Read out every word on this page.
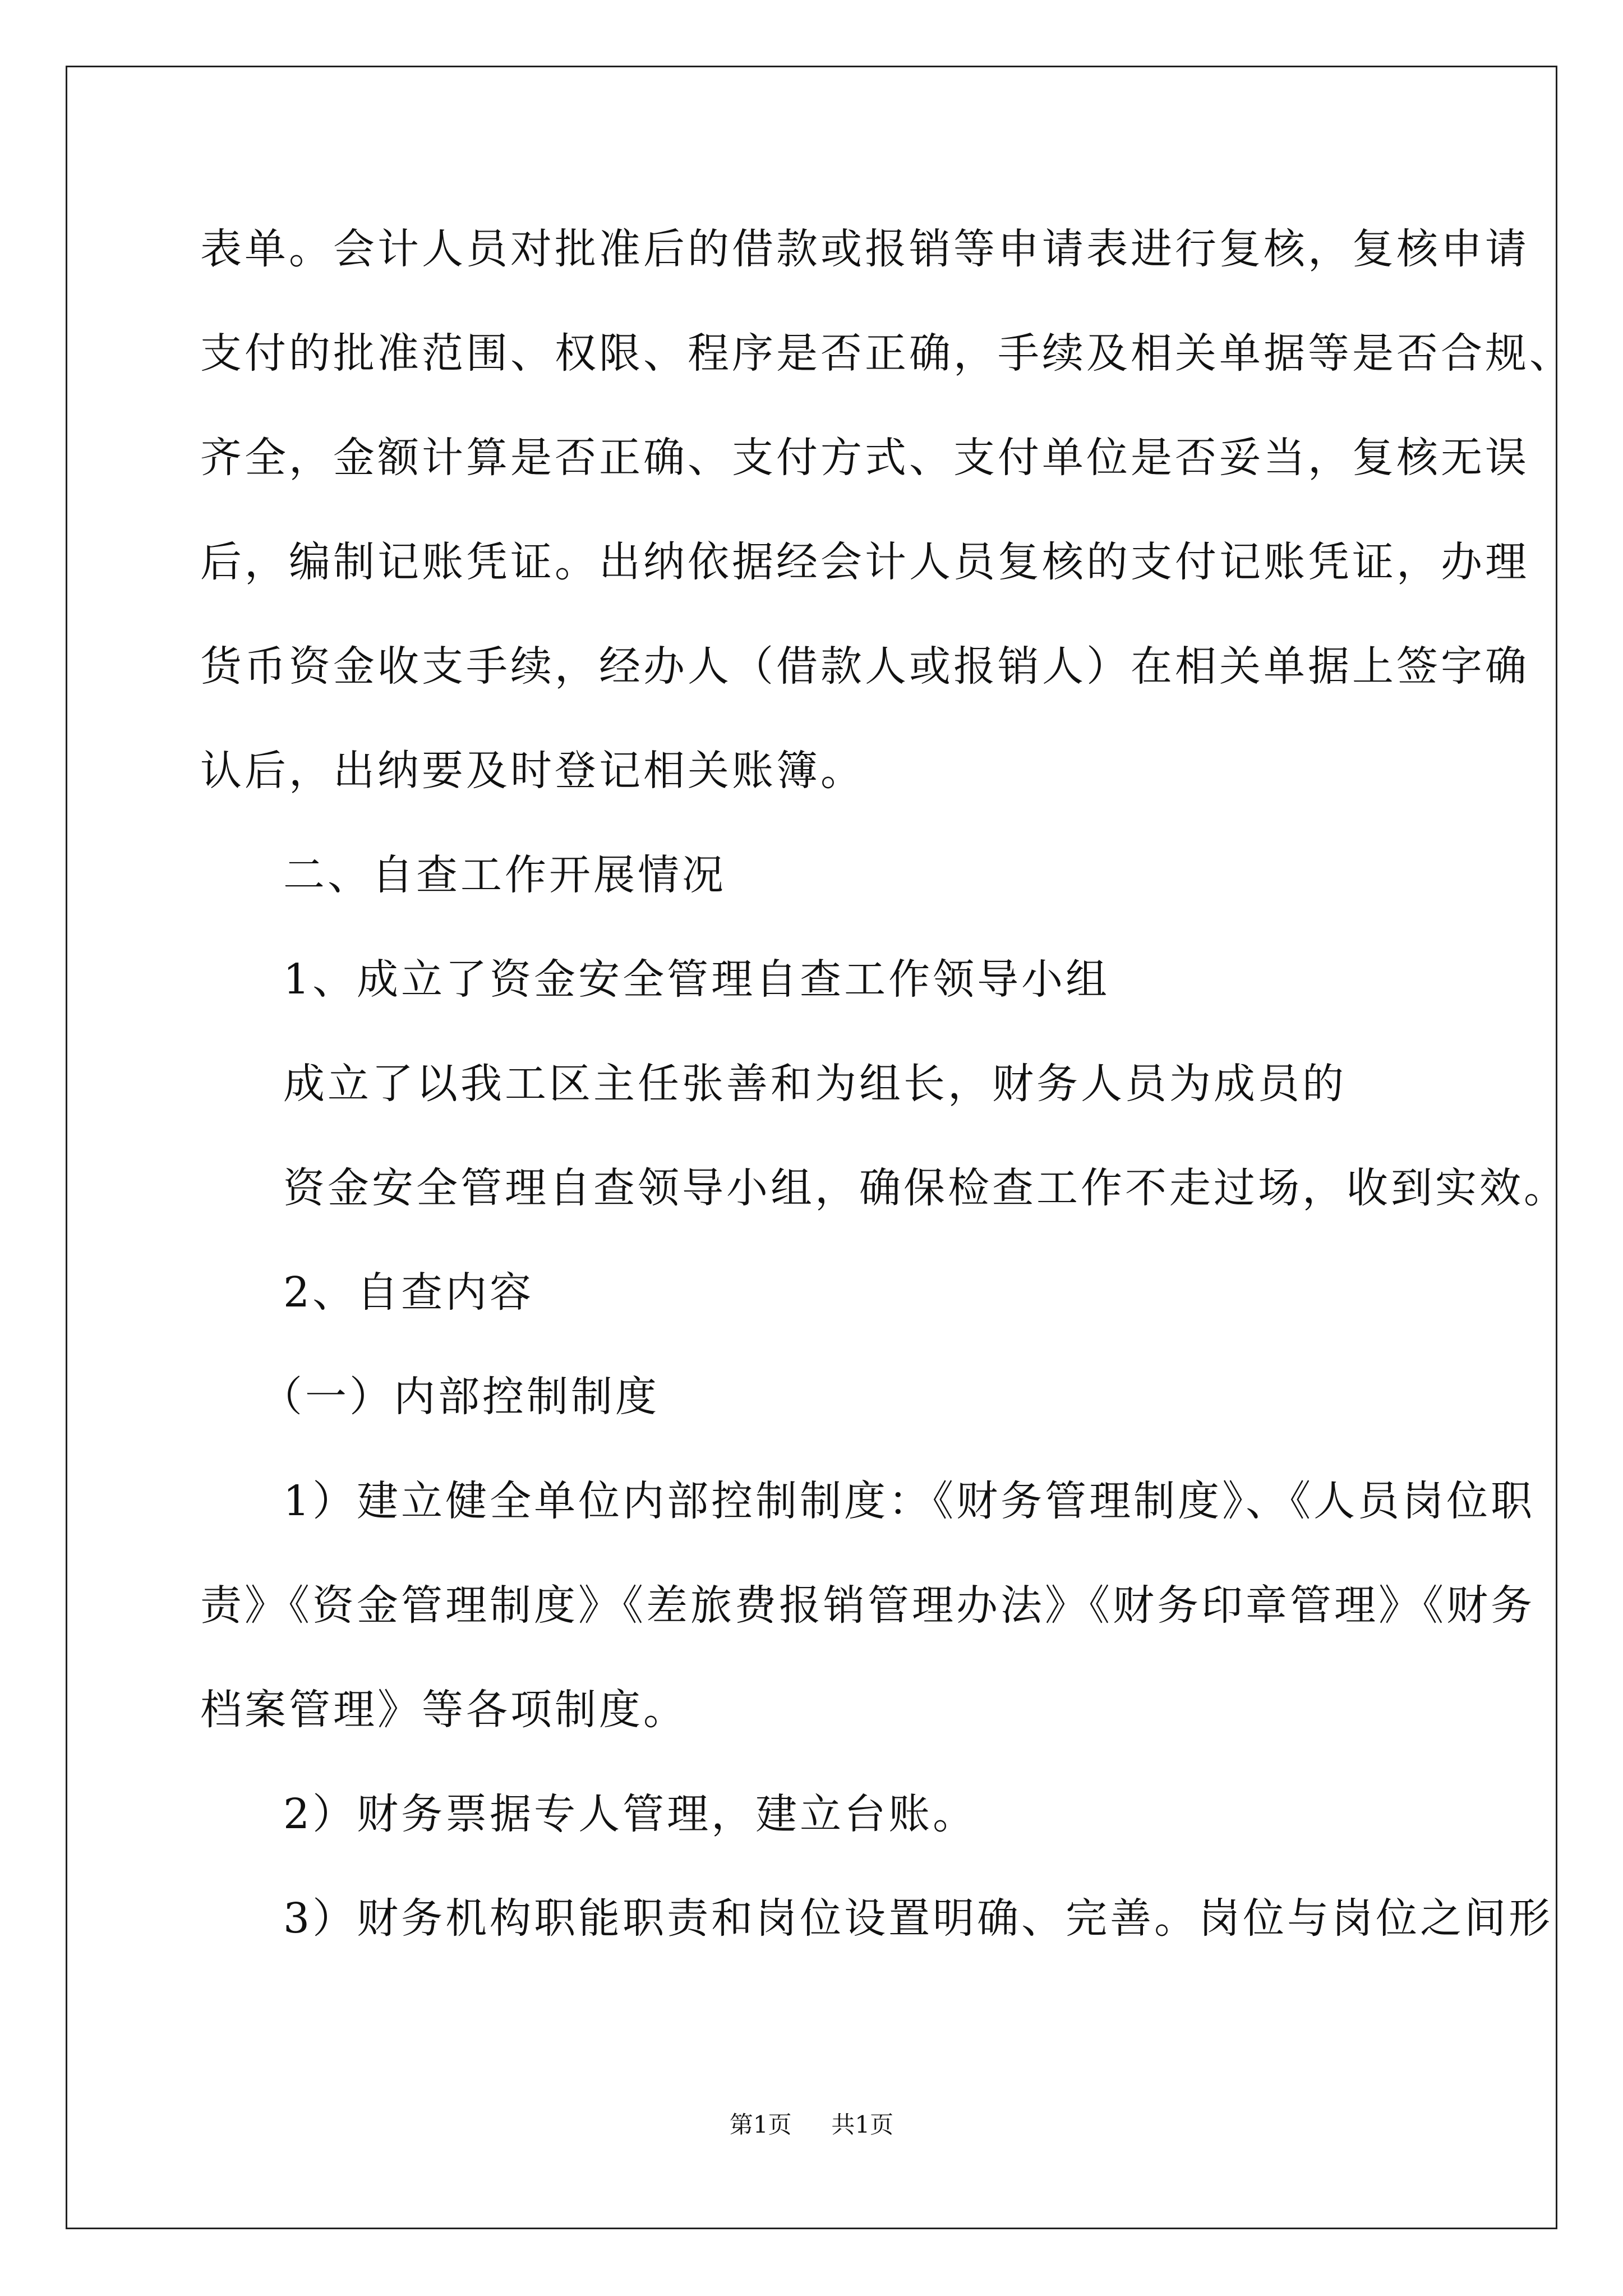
表单。会计人员对批准后的借款或报销等申请表进行复核，复核申请
支付的批准范围、权限、程序是否正确，手续及相关单据等是否合规、
齐全，金额计算是否正确、支付方式、支付单位是否妥当，复核无误
后，编制记账凭证。出纳依据经会计人员复核的支付记账凭证，办理
货币资金收支手续，经办人（借款人或报销人）在相关单据上签字确
认后，出纳要及时登记相关账簿。
二、自查工作开展情况
1、成立了资金安全管理自查工作领导小组
成立了以我工区主任张善和为组长，财务人员为成员的
资金安全管理自查领导小组，确保检查工作不走过场，收到实效。
2、自查内容
（一）内部控制制度
1）建立健全单位内部控制制度：《财务管理制度》、《人员岗位职
责》《资金管理制度》《差旅费报销管理办法》《财务印章管理》《财务
档案管理》等各项制度。
2）财务票据专人管理，建立台账。
3）财务机构职能职责和岗位设置明确、完善。岗位与岗位之间形
第1页 共1页
